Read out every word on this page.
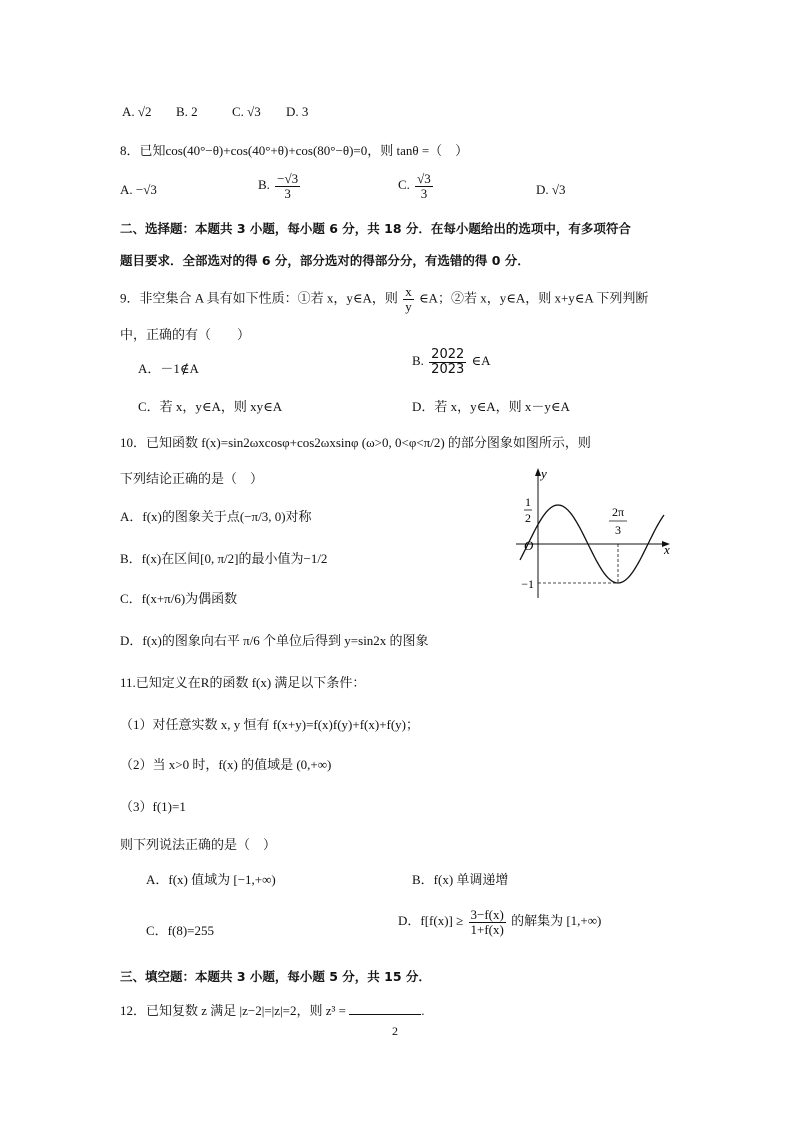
A. √2 B. 2	C. √3 D. 3
8．已知cos(40°−θ)+cos(40°+θ)+cos(80°−θ)=0，则 tanθ =（　）
A. −√3	B. $\frac{-√3}{3}$	C. $\frac{√3}{3}$	D. √3
二、选择题：本题共 3 小题，每小题 6 分，共 18 分．在每小题给出的选项中，有多项符合
题目要求．全部选对的得 6 分，部分选对的得部分分，有选错的得 0 分．
9．非空集合 A 具有如下性质：①若 x，y∈A，则 $\frac{x}{y}$ ∈A；②若 x，y∈A，则 x+y∈A 下列判断
中，正确的有（　　）
A．－1∉A
B. $\frac{2022}{2023}$ ∈A
C．若 x，y∈A，则 xy∈A	D．若 x，y∈A，则 x－y∈A
10．已知函数 f(x)=sin2ωxcosφ+cos2ωxsinφ (ω>0, 0<φ<π/2) 的部分图象如图所示，则
下列结论正确的是（　）
A．f(x)的图象关于点(−π/3, 0)对称
B．f(x)在区间[0, π/2]的最小值为−1/2
C．f(x+π/6)为偶函数
D．f(x)的图象向右平 π/6 个单位后得到 y=sin2x 的图象
y
x
O
1
2
−1
2π
3
11.已知定义在R的函数 f(x) 满足以下条件：
（1）对任意实数 x, y 恒有 f(x+y)=f(x)f(y)+f(x)+f(y)；
（2）当 x>0 时，f(x) 的值域是 (0,+∞)
（3）f(1)=1
则下列说法正确的是（　）
A．f(x) 值域为 [−1,+∞)	B．f(x) 单调递增
C．f(8)=255
D．$f[f(x)] \ge \frac{3-f(x)}{1+f(x)}$ 的解集为 [1,+∞)
三、填空题：本题共 3 小题，每小题 5 分，共 15 分．
12．已知复数 z 满足 |z−2|=|z|=2，则 z³ =	.
2
